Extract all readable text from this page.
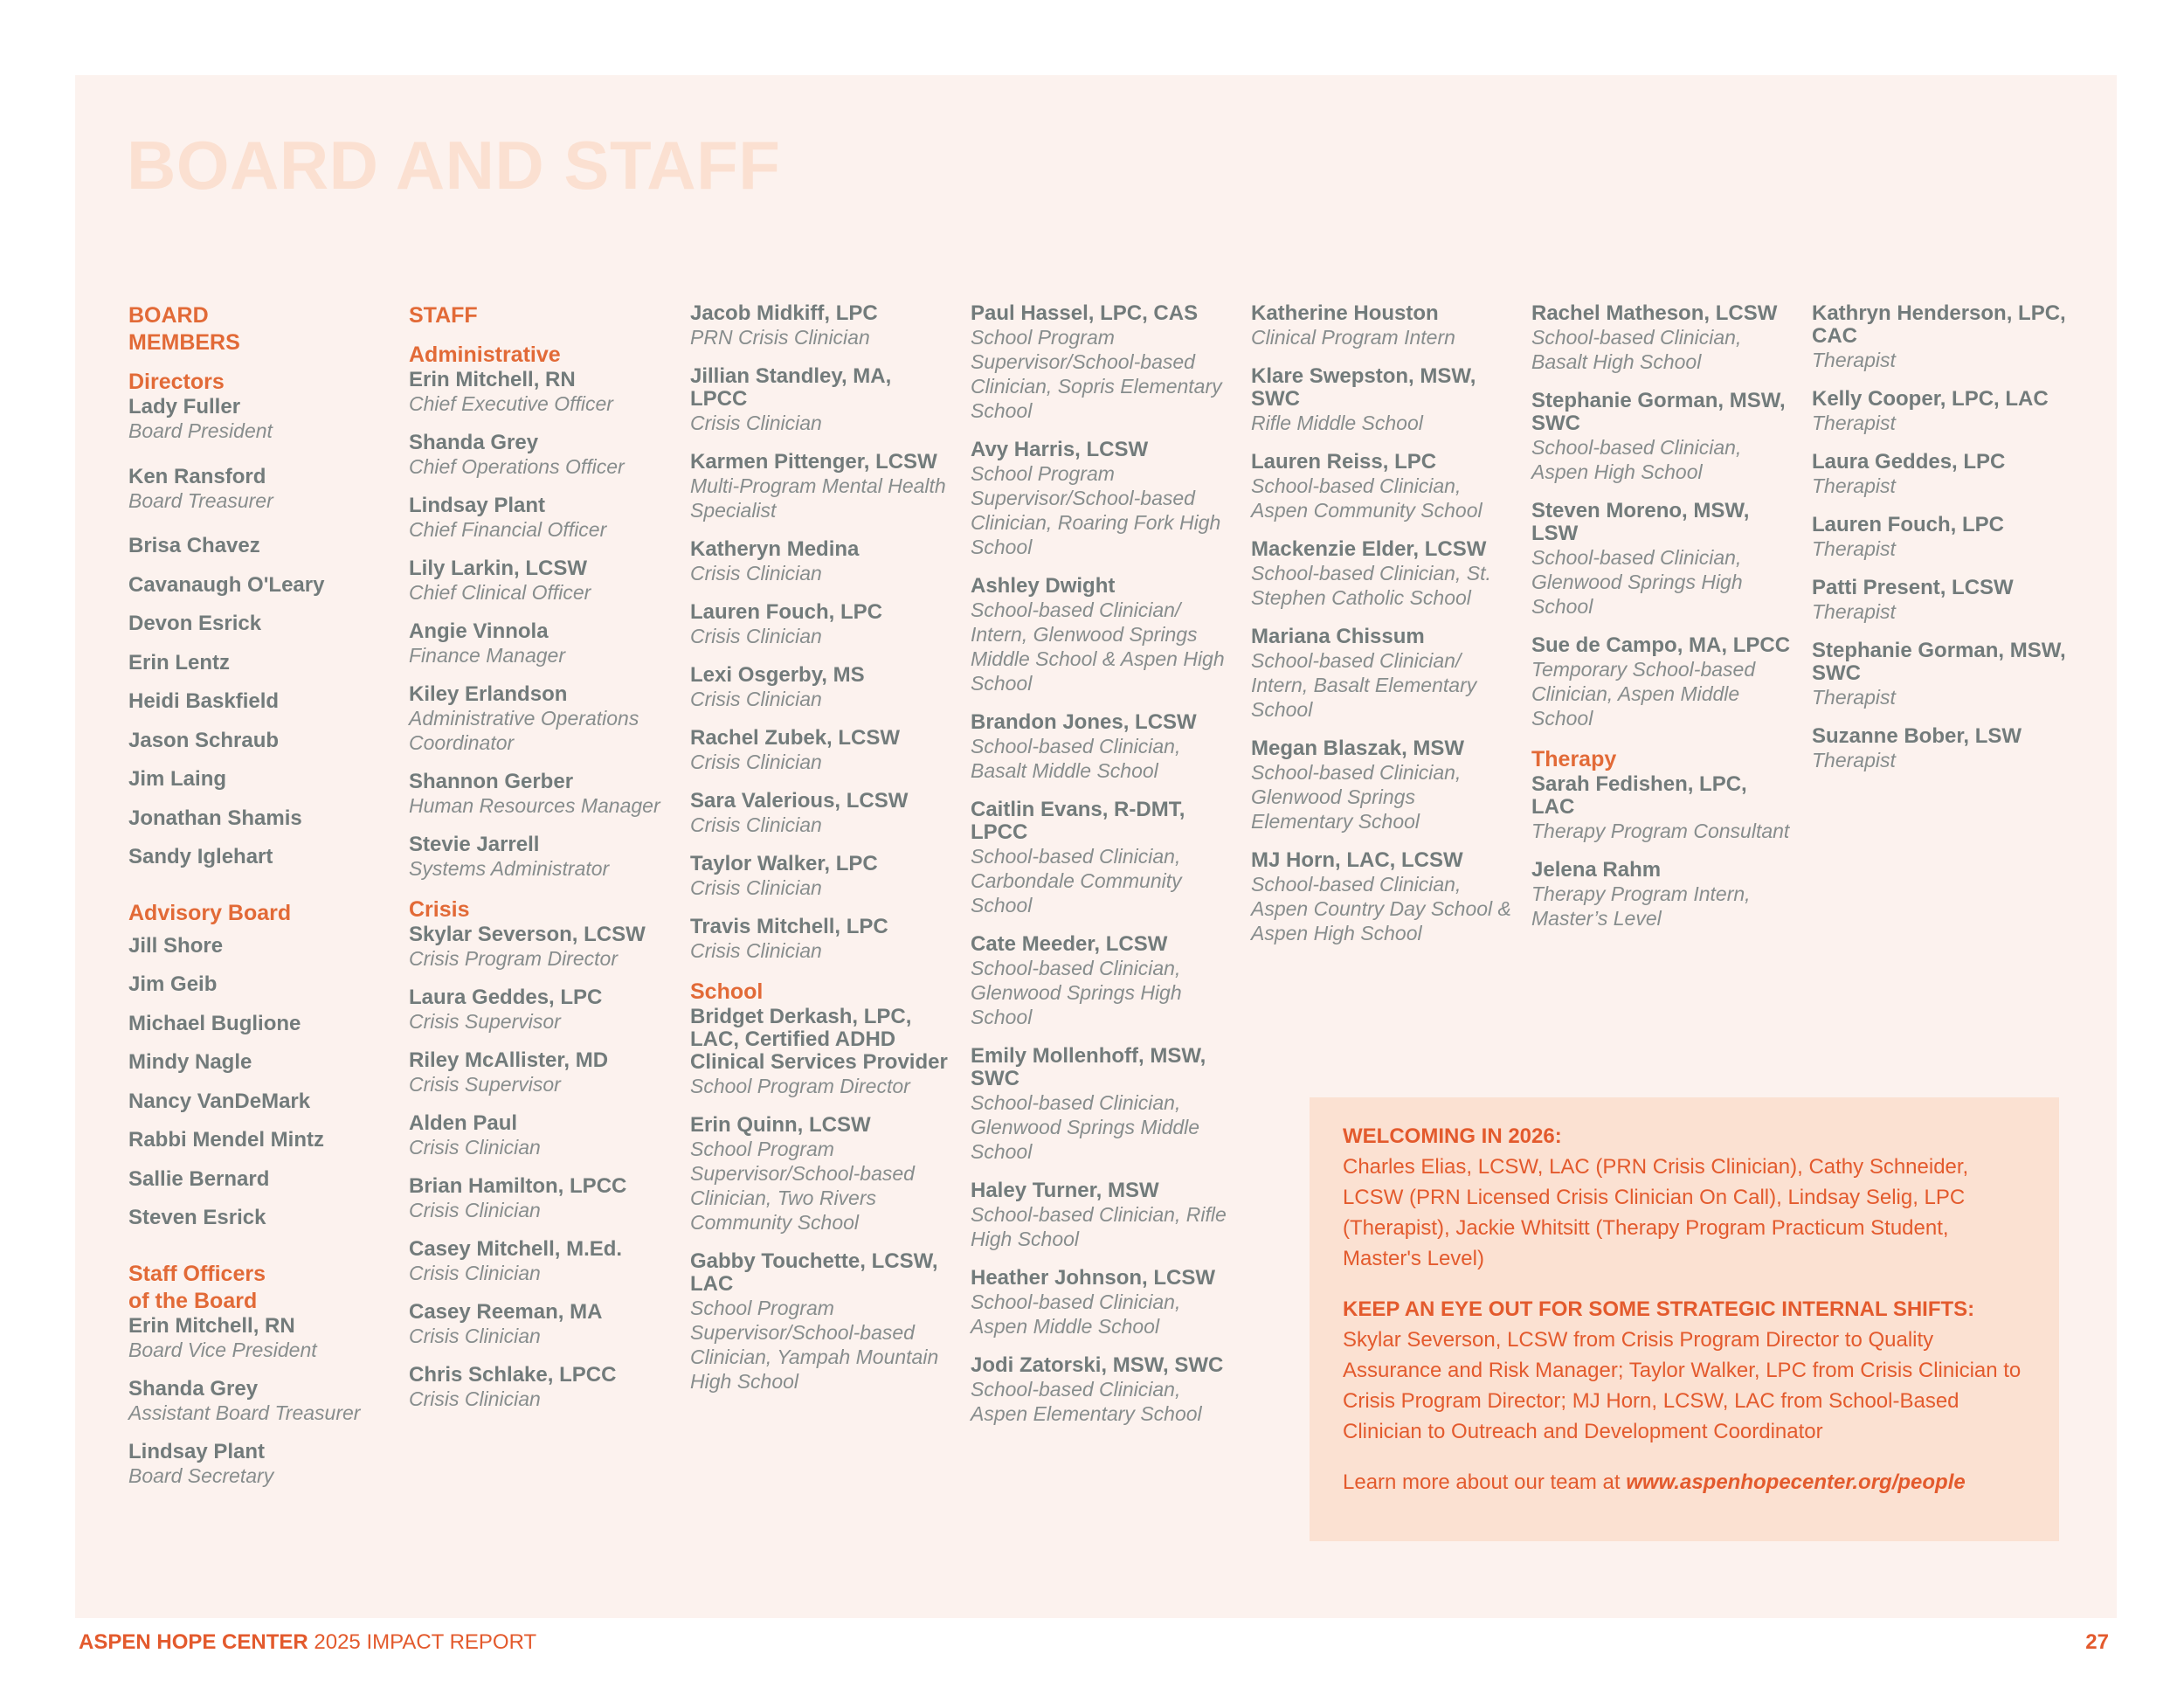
BOARD AND STAFF
BOARD MEMBERS
Directors
Lady Fuller
Board President
Ken Ransford
Board Treasurer
Brisa Chavez
Cavanaugh O'Leary
Devon Esrick
Erin Lentz
Heidi Baskfield
Jason Schraub
Jim Laing
Jonathan Shamis
Sandy Iglehart
Advisory Board
Jill Shore
Jim Geib
Michael Buglione
Mindy Nagle
Nancy VanDeMark
Rabbi Mendel Mintz
Sallie Bernard
Steven Esrick
Staff Officers
of the Board
Erin Mitchell, RN
Board Vice President
Shanda Grey
Assistant Board Treasurer
Lindsay Plant
Board Secretary
STAFF
Administrative
Erin Mitchell, RN
Chief Executive Officer
Shanda Grey
Chief Operations Officer
Lindsay Plant
Chief Financial Officer
Lily Larkin, LCSW
Chief Clinical Officer
Angie Vinnola
Finance Manager
Kiley Erlandson
Administrative Operations Coordinator
Shannon Gerber
Human Resources Manager
Stevie Jarrell
Systems Administrator
Crisis
Skylar Severson, LCSW
Crisis Program Director
Laura Geddes, LPC
Crisis Supervisor
Riley McAllister, MD
Crisis Supervisor
Alden Paul
Crisis Clinician
Brian Hamilton, LPCC
Crisis Clinician
Casey Mitchell, M.Ed.
Crisis Clinician
Casey Reeman, MA
Crisis Clinician
Chris Schlake, LPCC
Crisis Clinician
Jacob Midkiff, LPC
PRN Crisis Clinician
Jillian Standley, MA, LPCC
Crisis Clinician
Karmen Pittenger, LCSW
Multi-Program Mental Health Specialist
Katheryn Medina
Crisis Clinician
Lauren Fouch, LPC
Crisis Clinician
Lexi Osgerby, MS
Crisis Clinician
Rachel Zubek, LCSW
Crisis Clinician
Sara Valerious, LCSW
Crisis Clinician
Taylor Walker, LPC
Crisis Clinician
Travis Mitchell, LPC
Crisis Clinician
School
Bridget Derkash, LPC, LAC, Certified ADHD Clinical Services Provider
School Program Director
Erin Quinn, LCSW
School Program Supervisor/School-based Clinician, Two Rivers Community School
Gabby Touchette, LCSW, LAC
School Program Supervisor/School-based Clinician, Yampah Mountain High School
Paul Hassel, LPC, CAS
School Program Supervisor/School-based Clinician, Sopris Elementary School
Avy Harris, LCSW
School Program Supervisor/School-based Clinician, Roaring Fork High School
Ashley Dwight
School-based Clinician/ Intern, Glenwood Springs Middle School & Aspen High School
Brandon Jones, LCSW
School-based Clinician, Basalt Middle School
Caitlin Evans, R-DMT, LPCC
School-based Clinician, Carbondale Community School
Cate Meeder, LCSW
School-based Clinician, Glenwood Springs High School
Emily Mollenhoff, MSW, SWC
School-based Clinician, Glenwood Springs Middle School
Haley Turner, MSW
School-based Clinician, Rifle High School
Heather Johnson, LCSW
School-based Clinician, Aspen Middle School
Jodi Zatorski, MSW, SWC
School-based Clinician, Aspen Elementary School
Katherine Houston
Clinical Program Intern
Klare Swepston, MSW, SWC
Rifle Middle School
Lauren Reiss, LPC
School-based Clinician, Aspen Community School
Mackenzie Elder, LCSW
School-based Clinician, St. Stephen Catholic School
Mariana Chissum
School-based Clinician/ Intern, Basalt Elementary School
Megan Blaszak, MSW
School-based Clinician, Glenwood Springs Elementary School
MJ Horn, LAC, LCSW
School-based Clinician, Aspen Country Day School & Aspen High School
Rachel Matheson, LCSW
School-based Clinician, Basalt High School
Stephanie Gorman, MSW, SWC
School-based Clinician, Aspen High School
Steven Moreno, MSW, LSW
School-based Clinician, Glenwood Springs High School
Sue de Campo, MA, LPCC
Temporary School-based Clinician, Aspen Middle School
Therapy
Sarah Fedishen, LPC, LAC
Therapy Program Consultant
Jelena Rahm
Therapy Program Intern, Master’s Level
Kathryn Henderson, LPC, CAC
Therapist
Kelly Cooper, LPC, LAC
Therapist
Laura Geddes, LPC
Therapist
Lauren Fouch, LPC
Therapist
Patti Present, LCSW
Therapist
Stephanie Gorman, MSW, SWC
Therapist
Suzanne Bober, LSW
Therapist
WELCOMING IN 2026:
Charles Elias, LCSW, LAC (PRN Crisis Clinician), Cathy Schneider, LCSW (PRN Licensed Crisis Clinician On Call), Lindsay Selig, LPC (Therapist), Jackie Whitsitt (Therapy Program Practicum Student, Master's Level)
KEEP AN EYE OUT FOR SOME STRATEGIC INTERNAL SHIFTS:
Skylar Severson, LCSW from Crisis Program Director to Quality Assurance and Risk Manager; Taylor Walker, LPC from Crisis Clinician to Crisis Program Director; MJ Horn, LCSW, LAC from School-Based Clinician to Outreach and Development Coordinator
Learn more about our team at www.aspenhopecenter.org/people
ASPEN HOPE CENTER 2025 IMPACT REPORT	27
